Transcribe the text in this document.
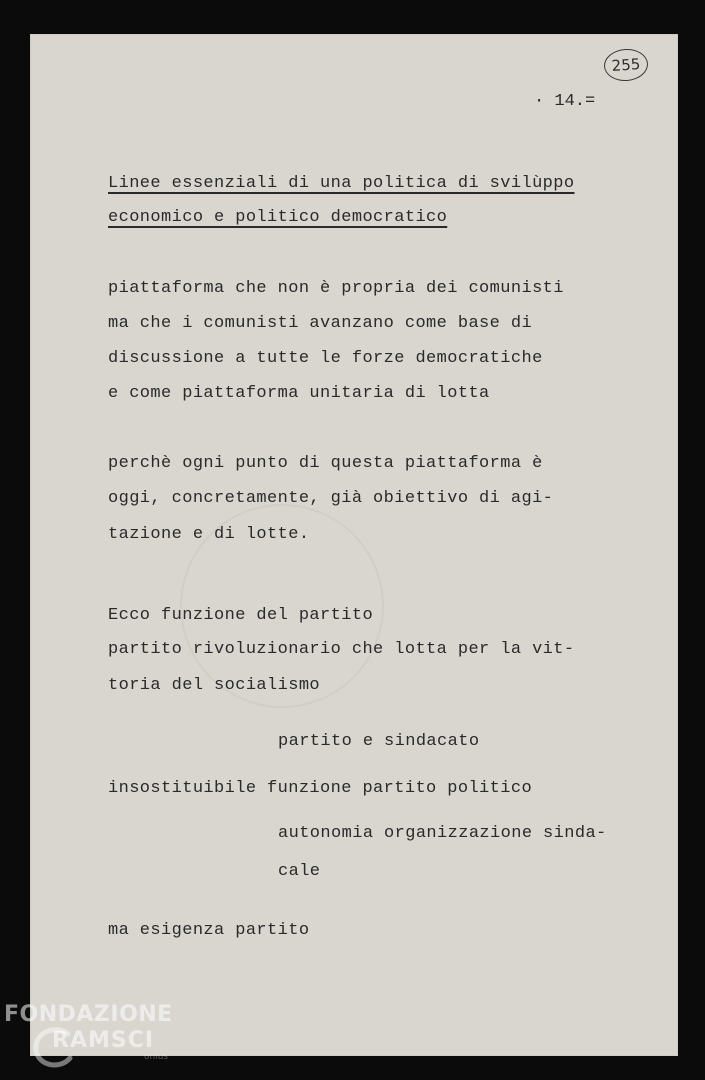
255
· 14.=
Linee essenziali di una politica di svilùppo
economico e politico democratico
piattaforma che non è propria dei comunisti
ma che i comunisti avanzano come base di
discussione a tutte le forze democratiche
e come piattaforma unitaria di lotta
perchè ogni punto di questa piattaforma è
oggi, concretamente, già obiettivo di agi-
tazione e di lotte.
Ecco funzione del partito
partito rivoluzionario che lotta per la vit-
toria del socialismo
partito e sindacato
insostituibile funzione partito politico
autonomia organizzazione sinda-
cale
ma esigenza partito
FONDAZIONE
RAMSCI
onlus
